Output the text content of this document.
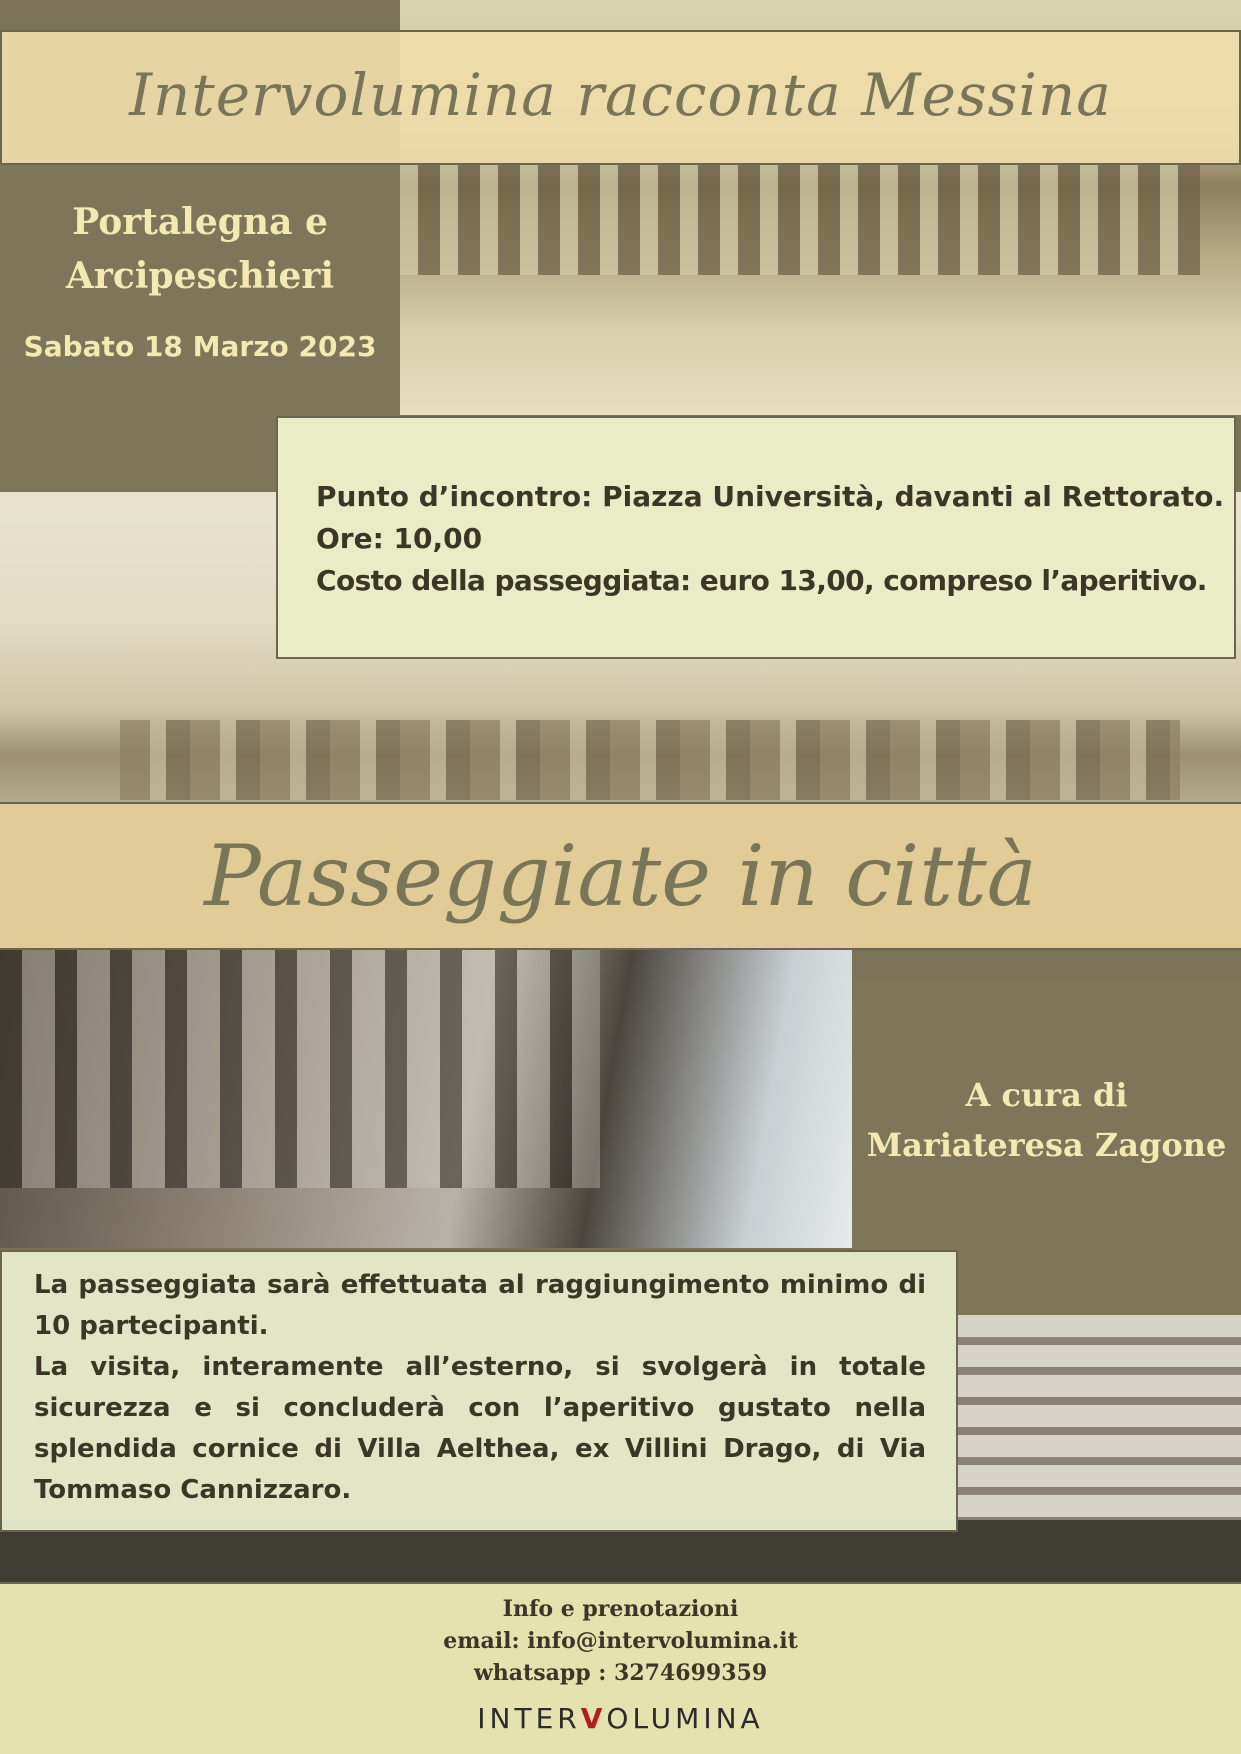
Intervolumina racconta Messina
Portalegna e
Arcipeschieri
Sabato 18 Marzo 2023
Punto d’incontro: Piazza Università, davanti al Rettorato.
Ore: 10,00
Costo della passeggiata: euro 13,00, compreso l’aperitivo.
Passeggiate in città
A cura di
Mariateresa Zagone

La passeggiata sarà effettuata al raggiungimento minimo di 10 partecipanti.

La visita, interamente all’esterno, si svolgerà in totale sicurezza e si concluderà con l’aperitivo gustato nella splendida cornice di Villa Aelthea, ex Villini Drago, di Via Tommaso Cannizzaro.

Info e prenotazioni
email: info@intervolumina.it
whatsapp : 3274699359
INTERVOLUMINA
